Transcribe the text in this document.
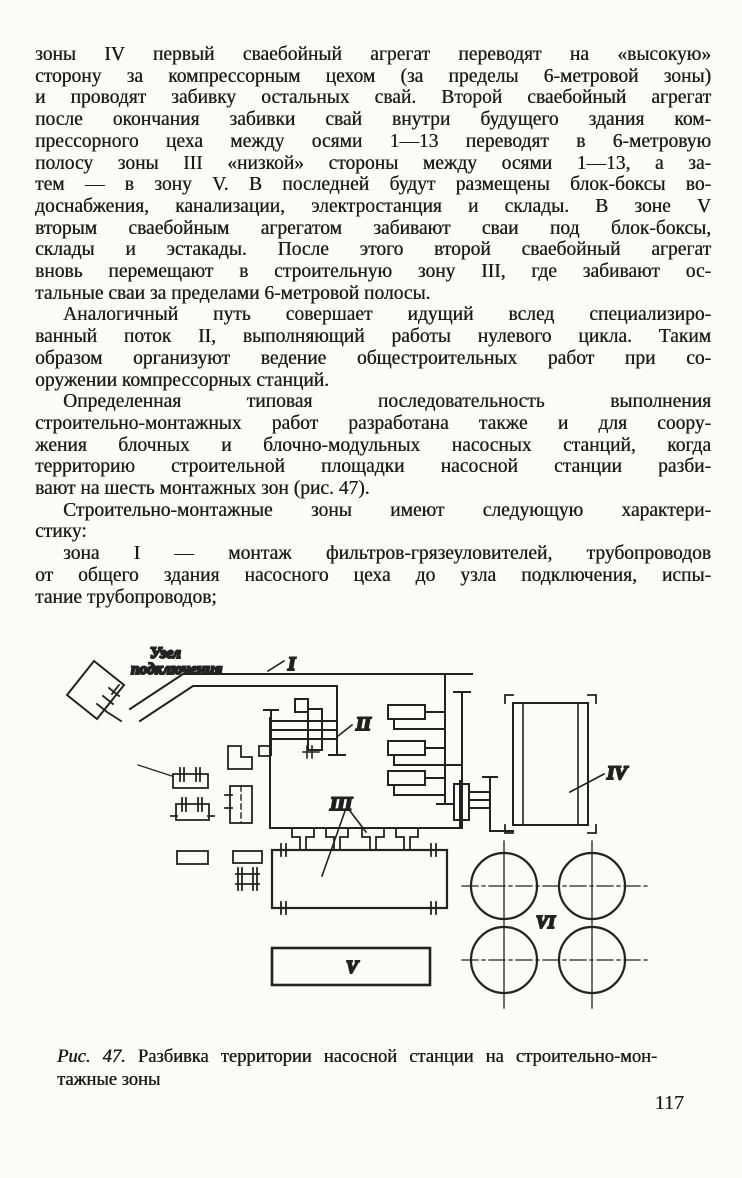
зоны IV первый сваебойный агрегат переводят на «высокую»
сторону за компрессорным цехом (за пределы 6-метровой зоны)
и проводят забивку остальных свай. Второй сваебойный агрегат
после окончания забивки свай внутри будущего здания ком-
прессорного цеха между осями 1—13 переводят в 6-метровую
полосу зоны III «низкой» стороны между осями 1—13, а за-
тем — в зону V. В последней будут размещены блок-боксы во-
доснабжения, канализации, электростанция и склады. В зоне V
вторым сваебойным агрегатом забивают сваи под блок-боксы,
склады и эстакады. После этого второй сваебойный агрегат
вновь перемещают в строительную зону III, где забивают ос-
тальные сваи за пределами 6-метровой полосы.
Аналогичный путь совершает идущий вслед специализиро-
ванный поток II, выполняющий работы нулевого цикла. Таким
образом организуют ведение общестроительных работ при со-
оружении компрессорных станций.
Определенная типовая последовательность выполнения
строительно-монтажных работ разработана также и для соору-
жения блочных и блочно-модульных насосных станций, когда
территорию строительной площадки насосной станции разби-
вают на шесть монтажных зон (рис. 47).
Строительно-монтажные зоны имеют следующую характери-
стику:
зона I — монтаж фильтров-грязеуловителей, трубопроводов
от общего здания насосного цеха до узла подключения, испы-
тание трубопроводов;
Узел
подключения	I
II
III
IV
V
VI
Рис. 47. Разбивка территории насосной станции на строительно-мон-
тажные зоны
117
